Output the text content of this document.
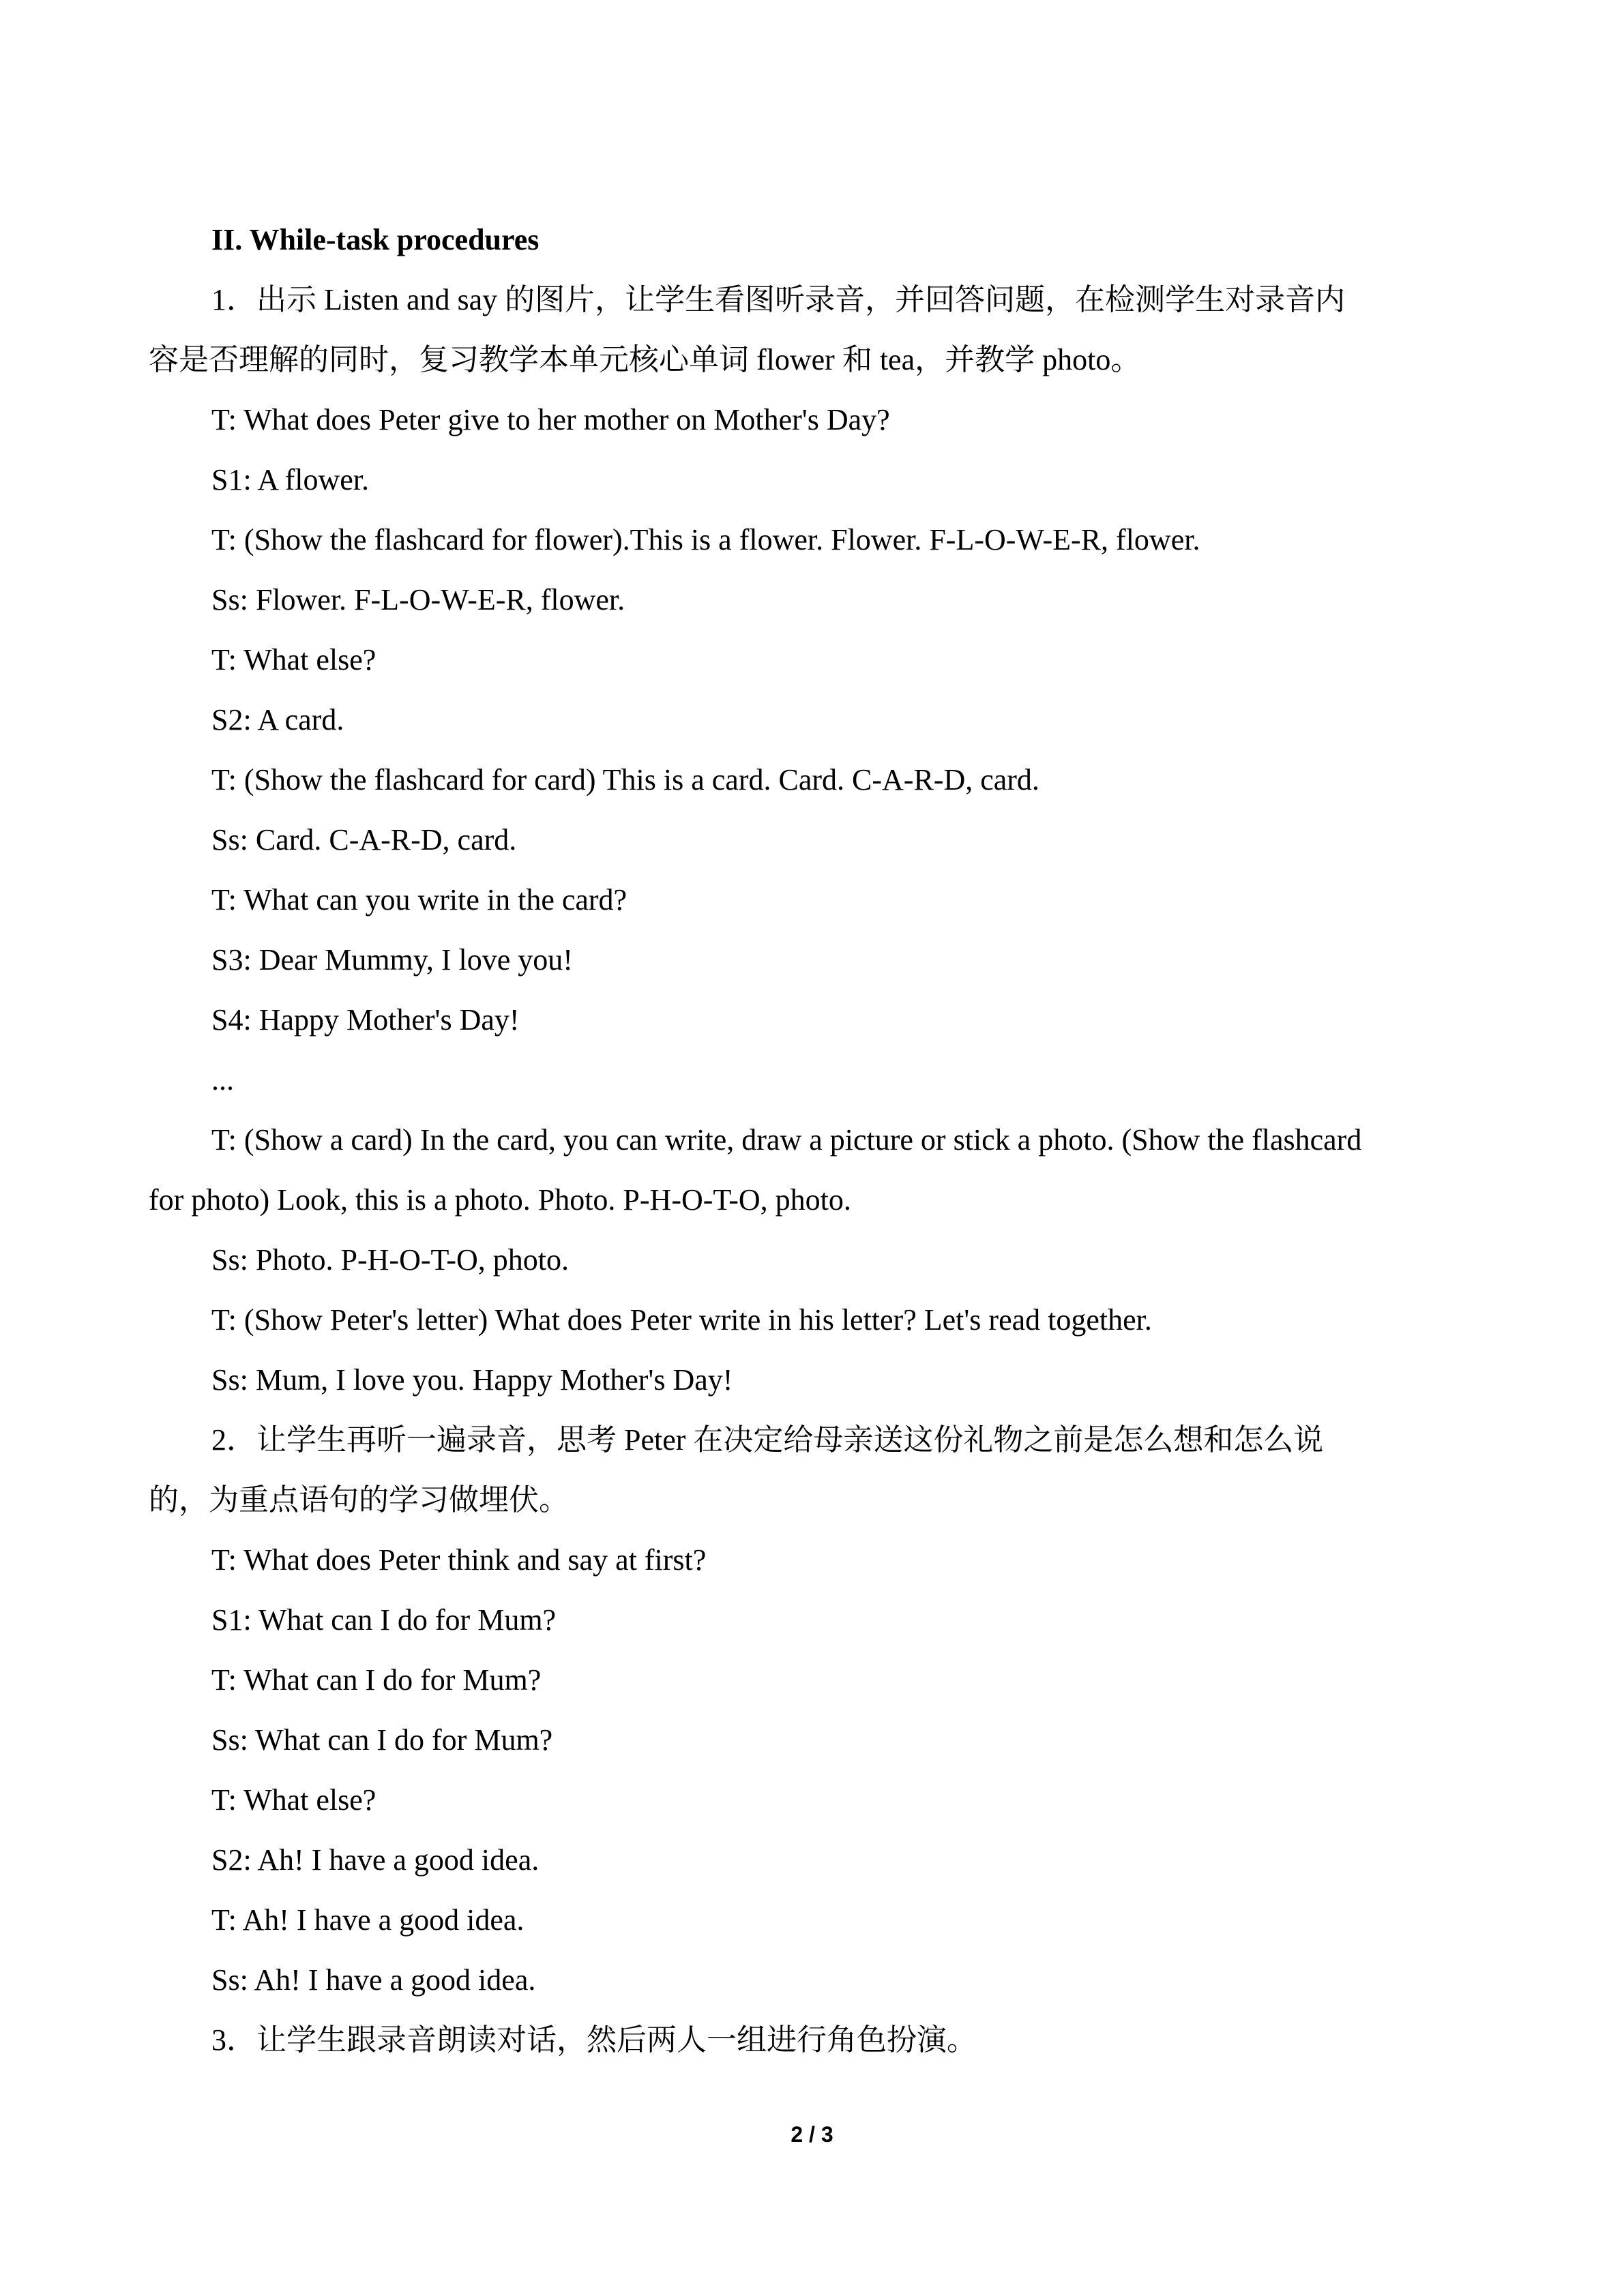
II. While-task procedures

1．出示 Listen and say 的图片，让学生看图听录音，并回答问题，在检测学生对录音内

容是否理解的同时，复习教学本单元核心单词 flower 和 tea，并教学 photo。

T: What does Peter give to her mother on Mother's Day?

S1: A flower.

T: (Show the flashcard for flower).This is a flower. Flower. F-L-O-W-E-R, flower.

Ss: Flower. F-L-O-W-E-R, flower.

T: What else?

S2: A card.

T: (Show the flashcard for card) This is a card. Card. C-A-R-D, card.

Ss: Card. C-A-R-D, card.

T: What can you write in the card?

S3: Dear Mummy, I love you!

S4: Happy Mother's Day!

...

T: (Show a card) In the card, you can write, draw a picture or stick a photo. (Show the flashcard

for photo) Look, this is a photo. Photo. P-H-O-T-O, photo.

Ss: Photo. P-H-O-T-O, photo.

T: (Show Peter's letter) What does Peter write in his letter? Let's read together.

Ss: Mum, I love you. Happy Mother's Day!

2．让学生再听一遍录音，思考 Peter 在决定给母亲送这份礼物之前是怎么想和怎么说

的，为重点语句的学习做埋伏。

T: What does Peter think and say at first?

S1: What can I do for Mum?

T: What can I do for Mum?

Ss: What can I do for Mum?

T: What else?

S2: Ah! I have a good idea.

T: Ah! I have a good idea.

Ss: Ah! I have a good idea.

3．让学生跟录音朗读对话，然后两人一组进行角色扮演。

2 / 3
